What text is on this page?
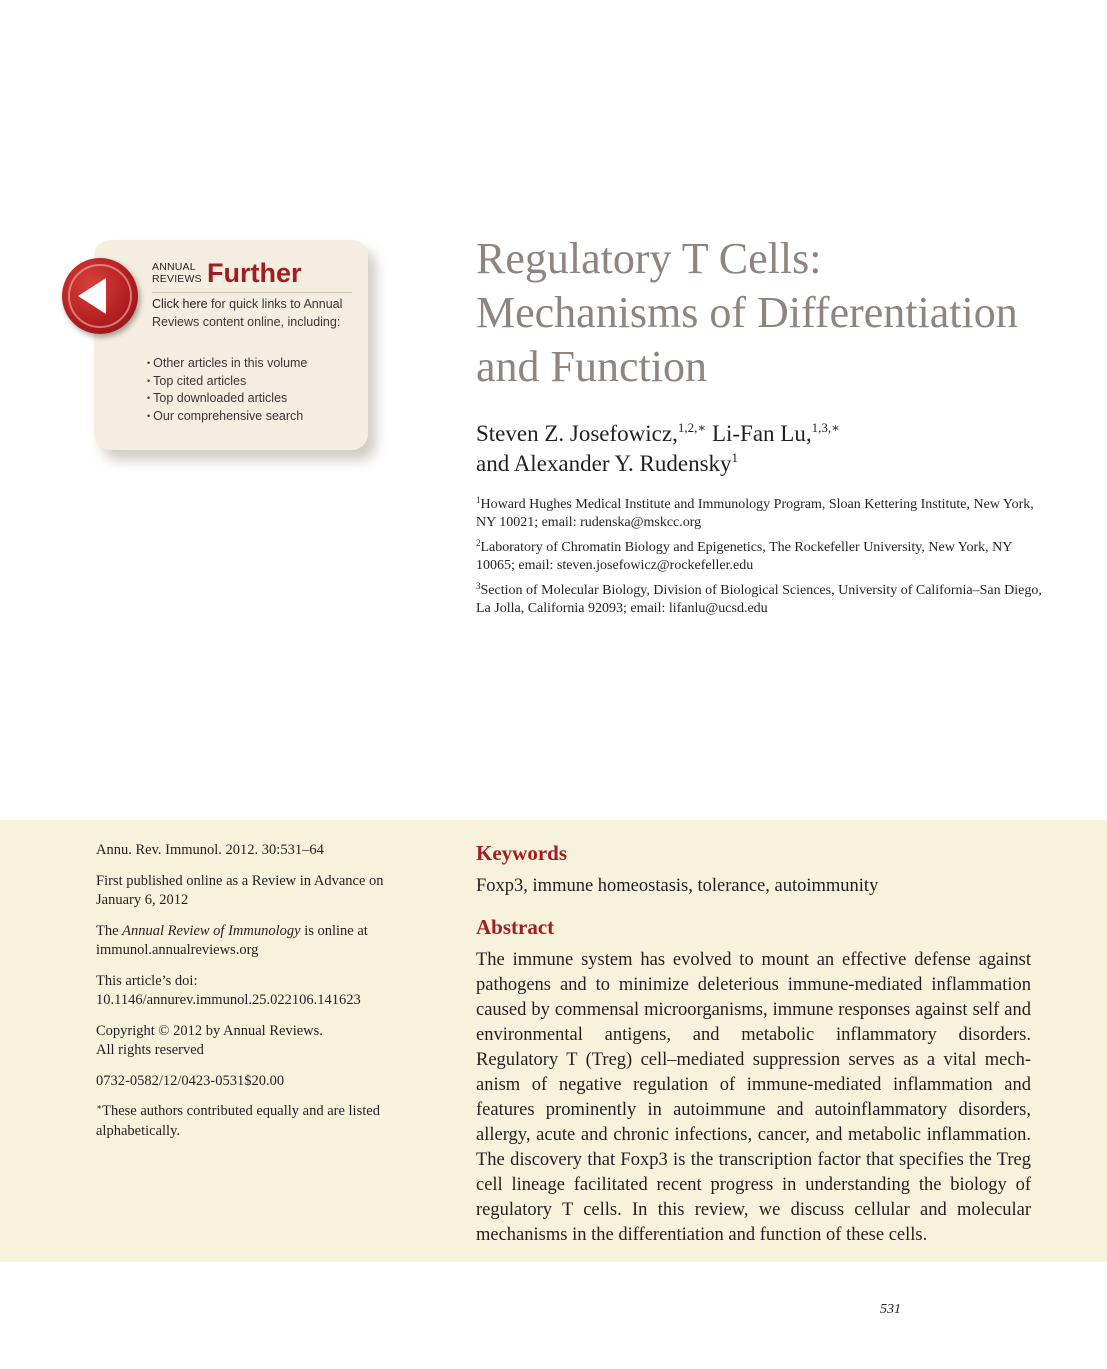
ANNUAL
REVIEWS Further
Click here for quick links to Annual Reviews content online, including:
• Other articles in this volume
• Top cited articles
• Top downloaded articles
• Our comprehensive search
Regulatory T Cells:
Mechanisms of Differentiation
and Function
Steven Z. Josefowicz,$^{1,2,∗}$ Li-Fan Lu,$^{1,3,∗}$
and Alexander Y. Rudensky$^1$
$^1$Howard Hughes Medical Institute and Immunology Program, Sloan Kettering Institute, New York, NY 10021; email: rudenska@mskcc.org
$^2$Laboratory of Chromatin Biology and Epigenetics, The Rockefeller University, New York, NY 10065; email: steven.josefowicz@rockefeller.edu
$^3$Section of Molecular Biology, Division of Biological Sciences, University of California–San Diego, La Jolla, California 92093; email: lifanlu@ucsd.edu

Annu. Rev. Immunol. 2012. 30:531–64

First published online as a Review in Advance on January 6, 2012

The Annual Review of Immunology is online at immunol.annualreviews.org

This article’s doi:
10.1146/annurev.immunol.25.022106.141623

Copyright © 2012 by Annual Reviews.
All rights reserved

0732-0582/12/0423-0531$20.00

∗These authors contributed equally and are listed alphabetically.

Keywords
Foxp3, immune homeostasis, tolerance, autoimmunity
Abstract

The immune system has evolved to mount an effective defense against pathogens and to minimize deleterious immune-mediated inflammation caused by commensal microorganisms, immune responses against self and environmental antigens, and metabolic inflammatory disorders. Regulatory T (Treg) cell–mediated suppression serves as a vital mechanism of negative regulation of immune-mediated inflammation and features prominently in autoimmune and autoinflammatory disorders, allergy, acute and chronic infections, cancer, and metabolic inflammation. The discovery that Foxp3 is the transcription factor that specifies the Treg cell lineage facilitated recent progress in understanding the biology of regulatory T cells. In this review, we discuss cellular and molecular mechanisms in the differentiation and function of these cells.

531
